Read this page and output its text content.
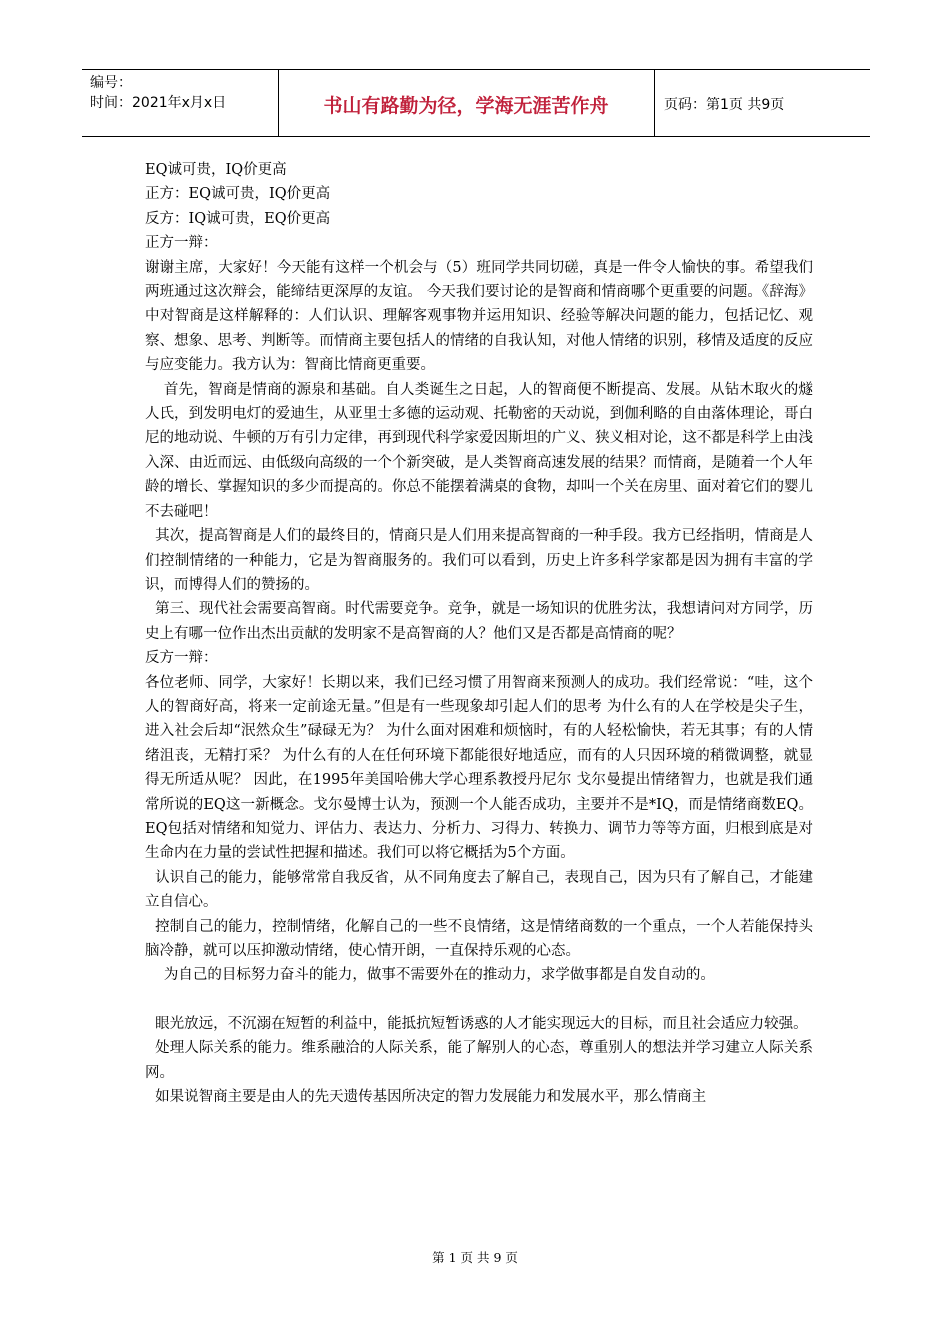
编号：
时间：2021年x月x日	书山有路勤为径，学海无涯苦作舟	页码：第1页 共9页

EQ诚可贵，IQ价更高

正方：EQ诚可贵，IQ价更高

反方：IQ诚可贵，EQ价更高

正方一辩：

谢谢主席，大家好！今天能有这样一个机会与（5）班同学共同切磋，真是一件令人愉快的事。希望我们两班通过这次辩会，能缔结更深厚的友谊。 今天我们要讨论的是智商和情商哪个更重要的问题。《辞海》中对智商是这样解释的：人们认识、理解客观事物并运用知识、经验等解决问题的能力，包括记忆、观察、想象、思考、判断等。而情商主要包括人的情绪的自我认知，对他人情绪的识别，移情及适度的反应与应变能力。我方认为：智商比情商更重要。

首先，智商是情商的源泉和基础。自人类诞生之日起，人的智商便不断提高、发展。从钻木取火的燧人氏，到发明电灯的爱迪生，从亚里士多德的运动观、托勒密的天动说，到伽利略的自由落体理论，哥白尼的地动说、牛顿的万有引力定律，再到现代科学家爱因斯坦的广义、狭义相对论，这不都是科学上由浅入深、由近而远、由低级向高级的一个个新突破，是人类智商高速发展的结果？而情商，是随着一个人年龄的增长、掌握知识的多少而提高的。你总不能摆着满桌的食物，却叫一个关在房里、面对着它们的婴儿不去碰吧！

其次，提高智商是人们的最终目的，情商只是人们用来提高智商的一种手段。我方已经指明，情商是人们控制情绪的一种能力，它是为智商服务的。我们可以看到，历史上许多科学家都是因为拥有丰富的学识，而博得人们的赞扬的。

第三、现代社会需要高智商。时代需要竞争。竞争，就是一场知识的优胜劣汰，我想请问对方同学，历史上有哪一位作出杰出贡献的发明家不是高智商的人？他们又是否都是高情商的呢？

反方一辩：

各位老师、同学，大家好！长期以来，我们已经习惯了用智商来预测人的成功。我们经常说：“哇，这个人的智商好高，将来一定前途无量。”但是有一些现象却引起人们的思考 为什么有的人在学校是尖子生，进入社会后却“泯然众生”碌碌无为？ 为什么面对困难和烦恼时，有的人轻松愉快，若无其事；有的人情绪沮丧，无精打采？ 为什么有的人在任何环境下都能很好地适应，而有的人只因环境的稍微调整，就显得无所适从呢？ 因此，在1995年美国哈佛大学心理系教授丹尼尔 戈尔曼提出情绪智力，也就是我们通常所说的EQ这一新概念。戈尔曼博士认为，预测一个人能否成功，主要并不是*IQ，而是情绪商数EQ。EQ包括对情绪和知觉力、评估力、表达力、分析力、习得力、转换力、调节力等等方面，归根到底是对生命内在力量的尝试性把握和描述。我们可以将它概括为5个方面。

认识自己的能力，能够常常自我反省，从不同角度去了解自己，表现自己，因为只有了解自己，才能建立自信心。

控制自己的能力，控制情绪，化解自己的一些不良情绪，这是情绪商数的一个重点，一个人若能保持头脑冷静，就可以压抑激动情绪，使心情开朗，一直保持乐观的心态。

为自己的目标努力奋斗的能力，做事不需要外在的推动力，求学做事都是自发自动的。

眼光放远，不沉溺在短暂的利益中，能抵抗短暂诱惑的人才能实现远大的目标，而且社会适应力较强。

处理人际关系的能力。维系融洽的人际关系，能了解别人的心态，尊重别人的想法并学习建立人际关系网。

如果说智商主要是由人的先天遗传基因所决定的智力发展能力和发展水平，那么情商主

第 1 页 共 9 页
